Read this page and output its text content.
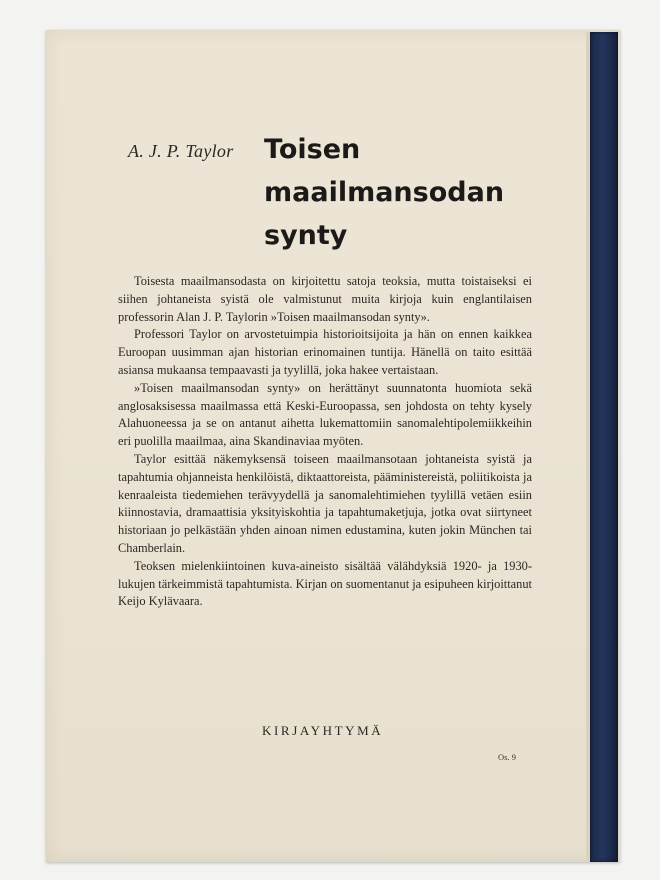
A. J. P. Taylor Toisen
maailmansodan
synty

Toisesta maailmansodasta on kirjoitettu satoja teoksia, mutta toistaiseksi ei siihen johtaneista syistä ole valmistunut muita kirjoja kuin englantilaisen professorin Alan J. P. Taylorin »Toisen maailmansodan synty».

Professori Taylor on arvostetuimpia historioitsijoita ja hän on ennen kaikkea Euroopan uusimman ajan historian erinomainen tuntija. Hänellä on taito esittää asiansa mukaansa tempaavasti ja tyylillä, joka hakee vertaistaan.

»Toisen maailmansodan synty» on herättänyt suunnatonta huomiota sekä anglosaksisessa maailmassa että Keski-Euroopassa, sen johdosta on tehty kysely Alahuoneessa ja se on antanut aihetta lukemattomiin sanomalehtipolemiikkeihin eri puolilla maailmaa, aina Skandinaviaa myöten.

Taylor esittää näkemyksensä toiseen maailmansotaan johtaneista syistä ja tapahtumia ohjanneista henkilöistä, diktaattoreista, pääministereistä, poliitikoista ja kenraaleista tiedemiehen terävyydellä ja sanomalehtimiehen tyylillä vetäen esiin kiinnostavia, dramaattisia yksityiskohtia ja tapahtumaketjuja, jotka ovat siirtyneet historiaan jo pelkästään yhden ainoan nimen edustamina, kuten jokin München tai Chamberlain.

Teoksen mielenkiintoinen kuva-aineisto sisältää välähdyksiä 1920- ja 1930-lukujen tärkeimmistä tapahtumista. Kirjan on suomentanut ja esipuheen kirjoittanut Keijo Kylävaara.

KIRJAYHTYMÄ
Os. 9
